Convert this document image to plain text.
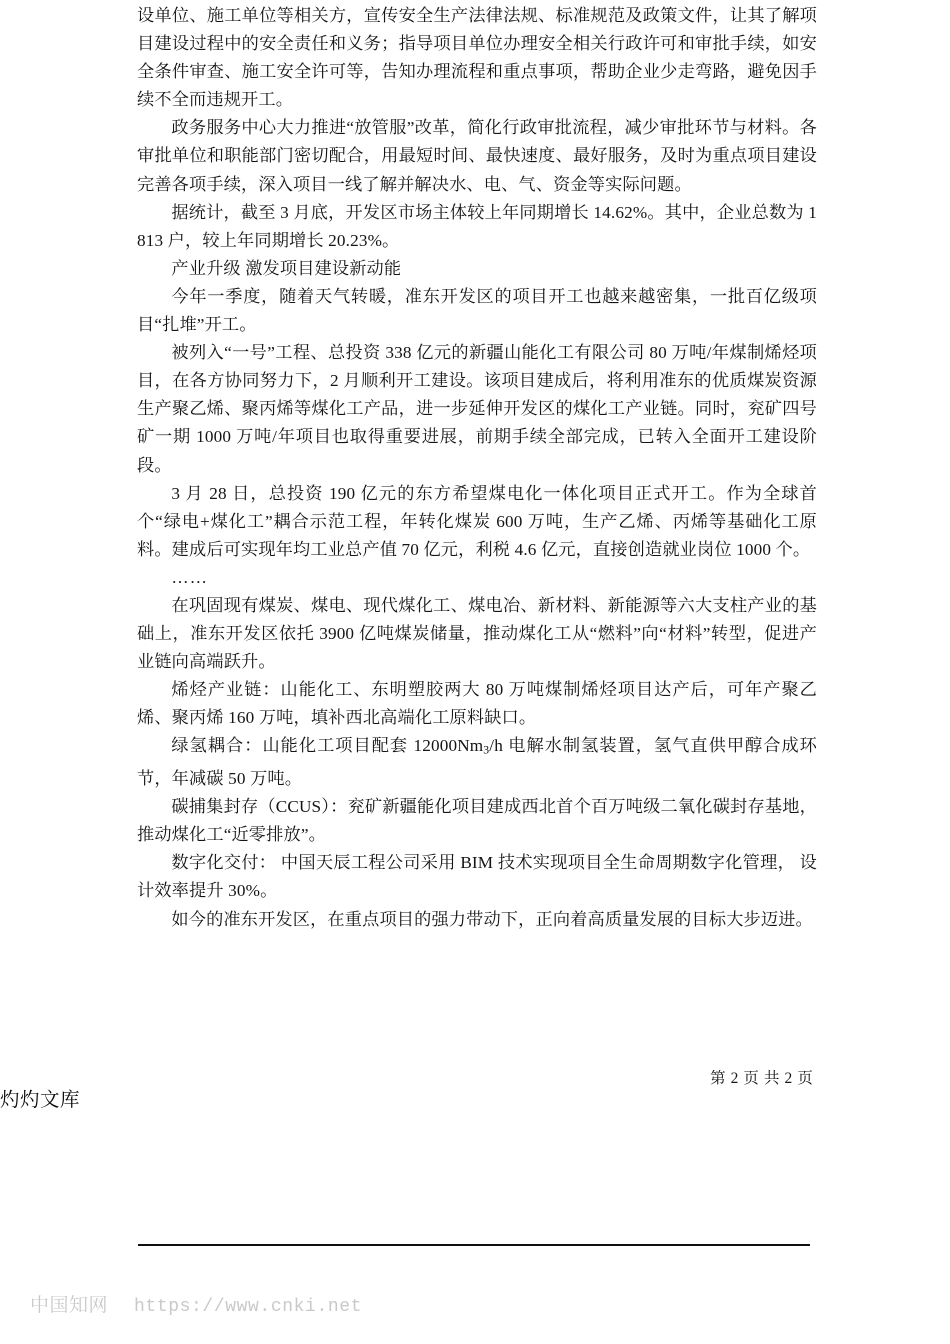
设单位、施工单位等相关方，宣传安全生产法律法规、标准规范及政策文件，让其了解项目建设过程中的安全责任和义务；指导项目单位办理安全相关行政许可和审批手续，如安全条件审查、施工安全许可等，告知办理流程和重点事项，帮助企业少走弯路，避免因手续不全而违规开工。

政务服务中心大力推进“放管服”改革，简化行政审批流程，减少审批环节与材料。各审批单位和职能部门密切配合，用最短时间、最快速度、最好服务，及时为重点项目建设完善各项手续，深入项目一线了解并解决水、电、气、资金等实际问题。

据统计，截至 3 月底，开发区市场主体较上年同期增长 14.62%。其中，企业总数为 1813 户，较上年同期增长 20.23%。

产业升级 激发项目建设新动能

今年一季度，随着天气转暖，准东开发区的项目开工也越来越密集，一批百亿级项目“扎堆”开工。

被列入“一号”工程、总投资 338 亿元的新疆山能化工有限公司 80 万吨/年煤制烯烃项目，在各方协同努力下，2 月顺利开工建设。该项目建成后，将利用准东的优质煤炭资源生产聚乙烯、聚丙烯等煤化工产品，进一步延伸开发区的煤化工产业链。同时，兖矿四号矿一期 1000 万吨/年项目也取得重要进展，前期手续全部完成，已转入全面开工建设阶段。

3 月 28 日，总投资 190 亿元的东方希望煤电化一体化项目正式开工。作为全球首个“绿电+煤化工”耦合示范工程，年转化煤炭 600 万吨，生产乙烯、丙烯等基础化工原料。建成后可实现年均工业总产值 70 亿元，利税 4.6 亿元，直接创造就业岗位 1000 个。

……

在巩固现有煤炭、煤电、现代煤化工、煤电冶、新材料、新能源等六大支柱产业的基础上，准东开发区依托 3900 亿吨煤炭储量，推动煤化工从“燃料”向“材料”转型，促进产业链向高端跃升。

烯烃产业链：山能化工、东明塑胶两大 80 万吨煤制烯烃项目达产后，可年产聚乙烯、聚丙烯 160 万吨，填补西北高端化工原料缺口。

绿氢耦合：山能化工项目配套 $12000Nm_3/h$ 电解水制氢装置，氢气直供甲醇合成环节，年减碳 50 万吨。

碳捕集封存（CCUS）：兖矿新疆能化项目建成西北首个百万吨级二氧化碳封存基地，推动煤化工“近零排放”。

数字化交付： 中国天辰工程公司采用 BIM 技术实现项目全生命周期数字化管理， 设计效率提升 30%。

如今的准东开发区，在重点项目的强力带动下，正向着高质量发展的目标大步迈进。

第 2 页 共 2 页
灼灼文库
中国知网 https://www.cnki.net
